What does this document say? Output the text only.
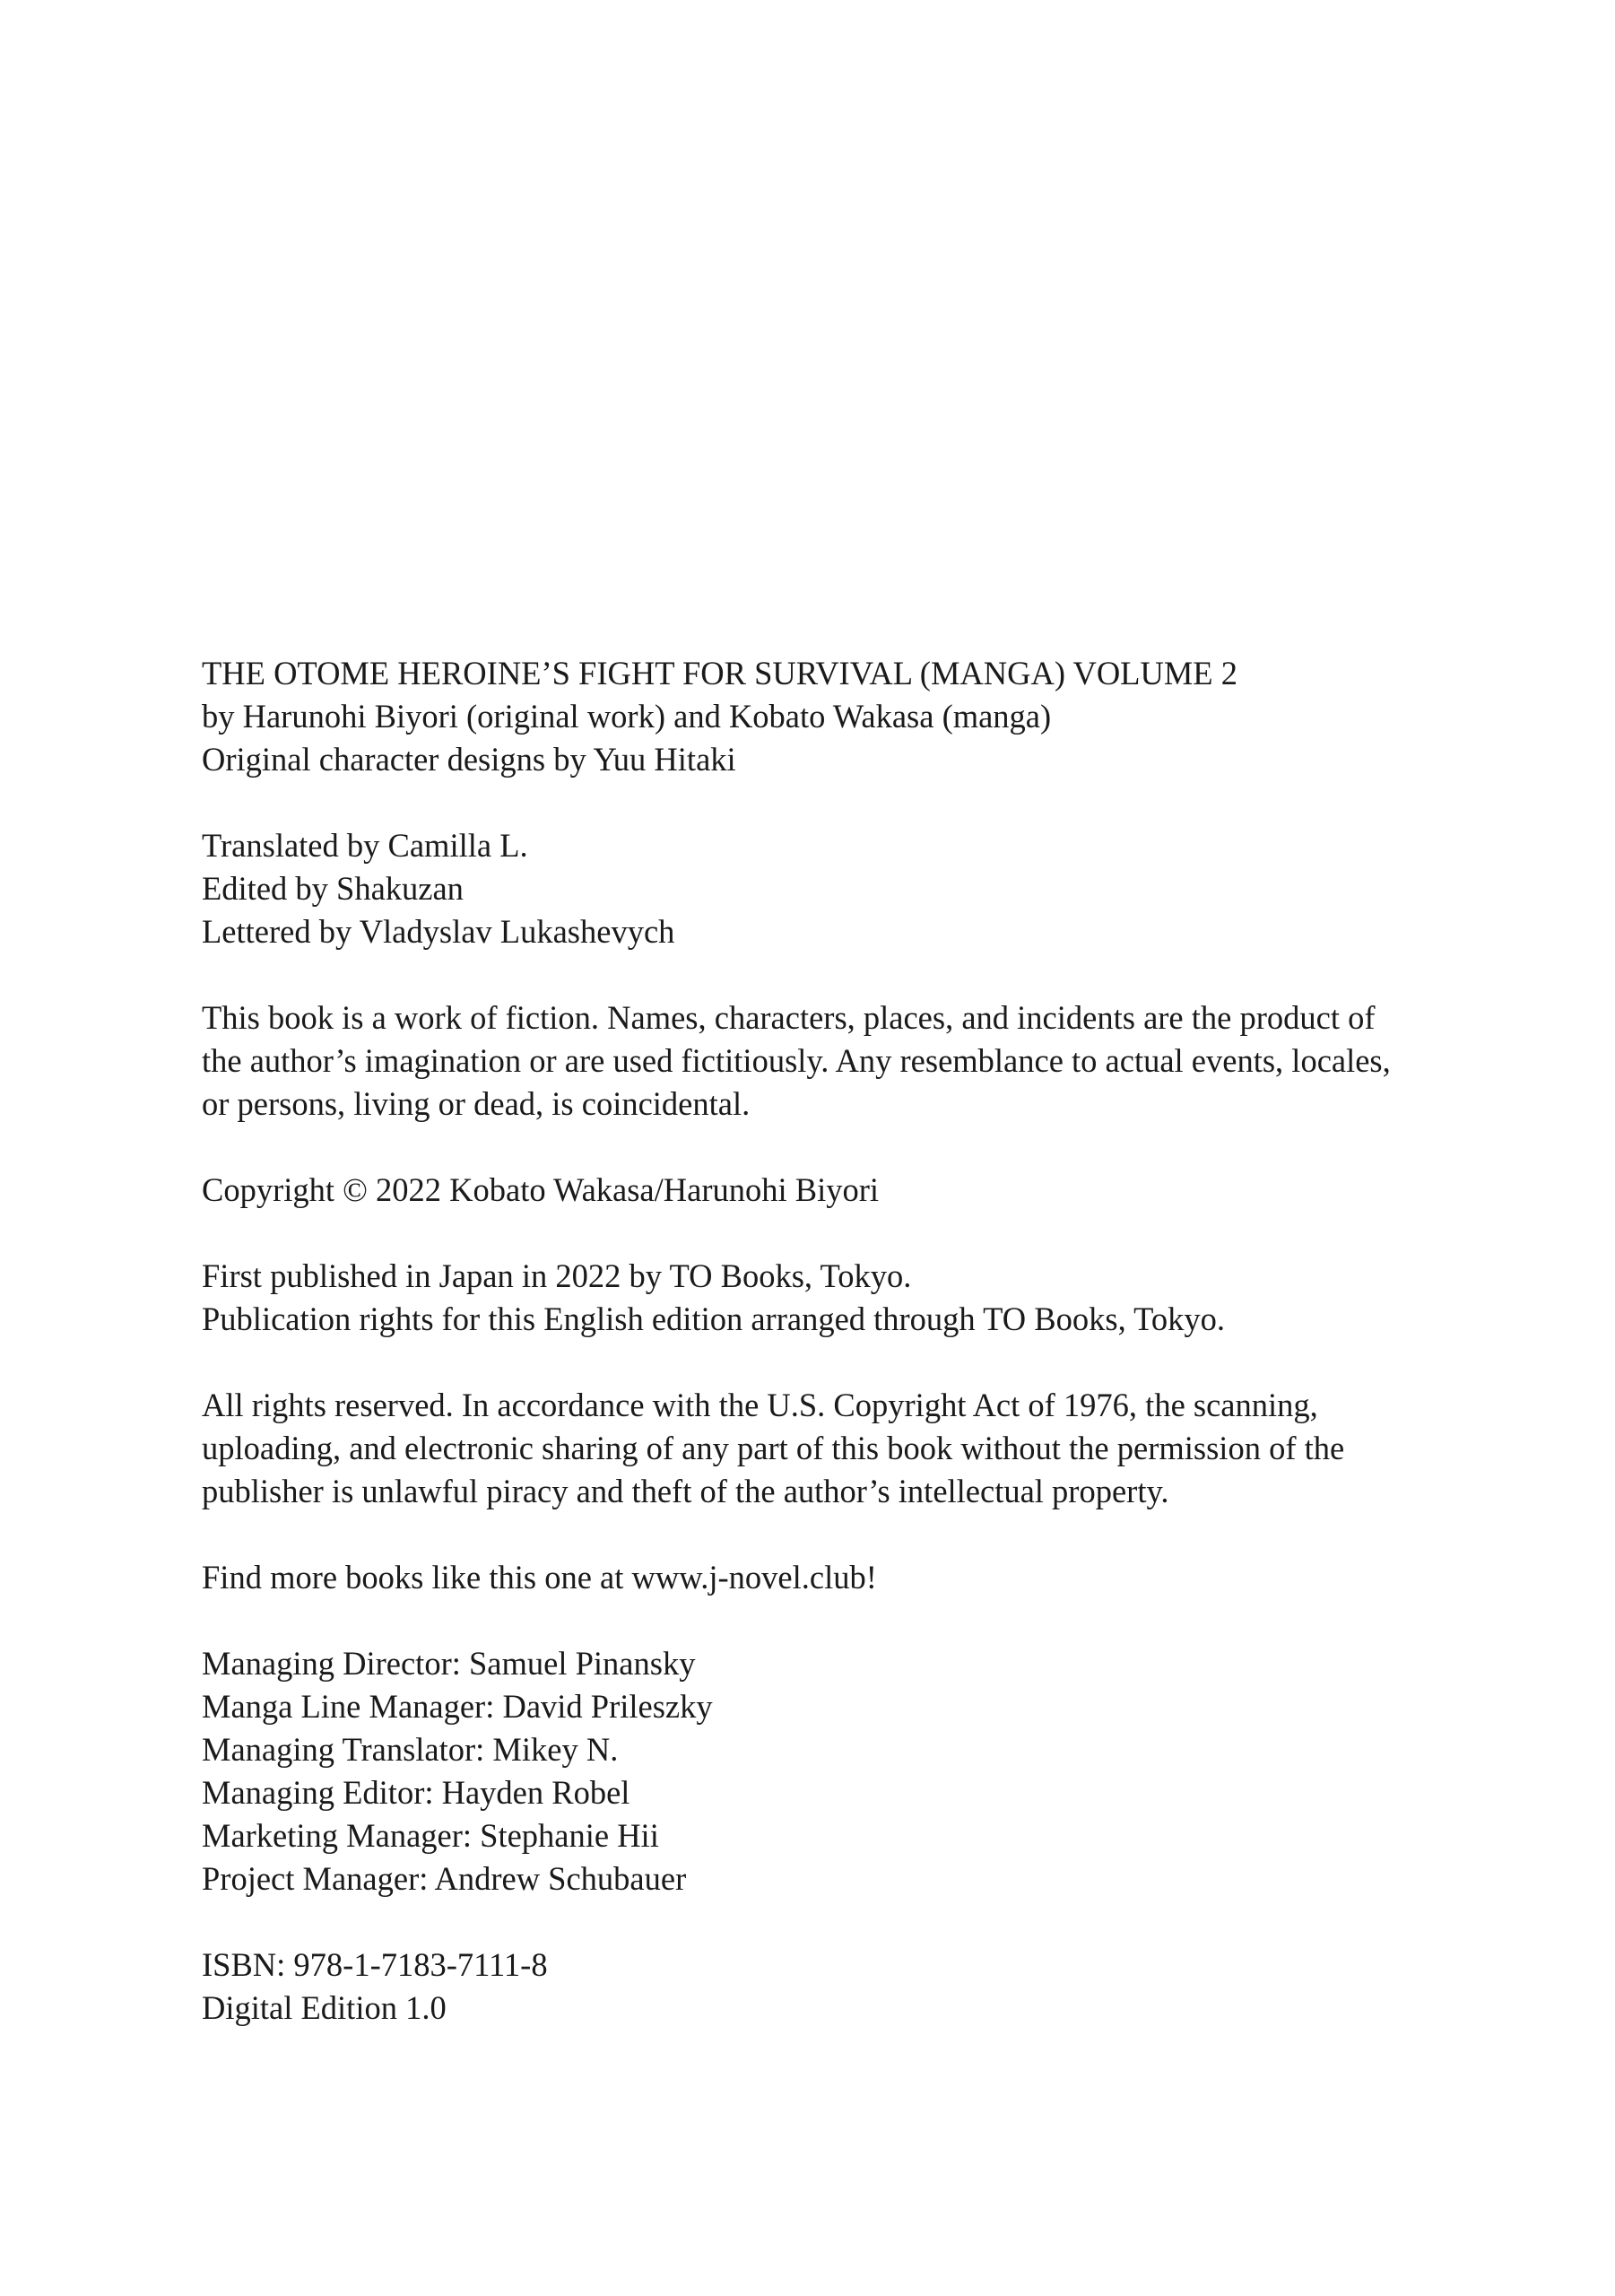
THE OTOME HEROINE’S FIGHT FOR SURVIVAL (MANGA) VOLUME 2
by Harunohi Biyori (original work) and Kobato Wakasa (manga)
Original character designs by Yuu Hitaki
Translated by Camilla L.
Edited by Shakuzan
Lettered by Vladyslav Lukashevych
This book is a work of fiction. Names, characters, places, and incidents are the product of
the author’s imagination or are used fictitiously. Any resemblance to actual events, locales,
or persons, living or dead, is coincidental.
Copyright © 2022 Kobato Wakasa/Harunohi Biyori
First published in Japan in 2022 by TO Books, Tokyo.
Publication rights for this English edition arranged through TO Books, Tokyo.
All rights reserved. In accordance with the U.S. Copyright Act of 1976, the scanning,
uploading, and electronic sharing of any part of this book without the permission of the
publisher is unlawful piracy and theft of the author’s intellectual property.
Find more books like this one at www.j-novel.club!
Managing Director: Samuel Pinansky
Manga Line Manager: David Prileszky
Managing Translator: Mikey N.
Managing Editor: Hayden Robel
Marketing Manager: Stephanie Hii
Project Manager: Andrew Schubauer
ISBN: 978-1-7183-7111-8
Digital Edition 1.0
